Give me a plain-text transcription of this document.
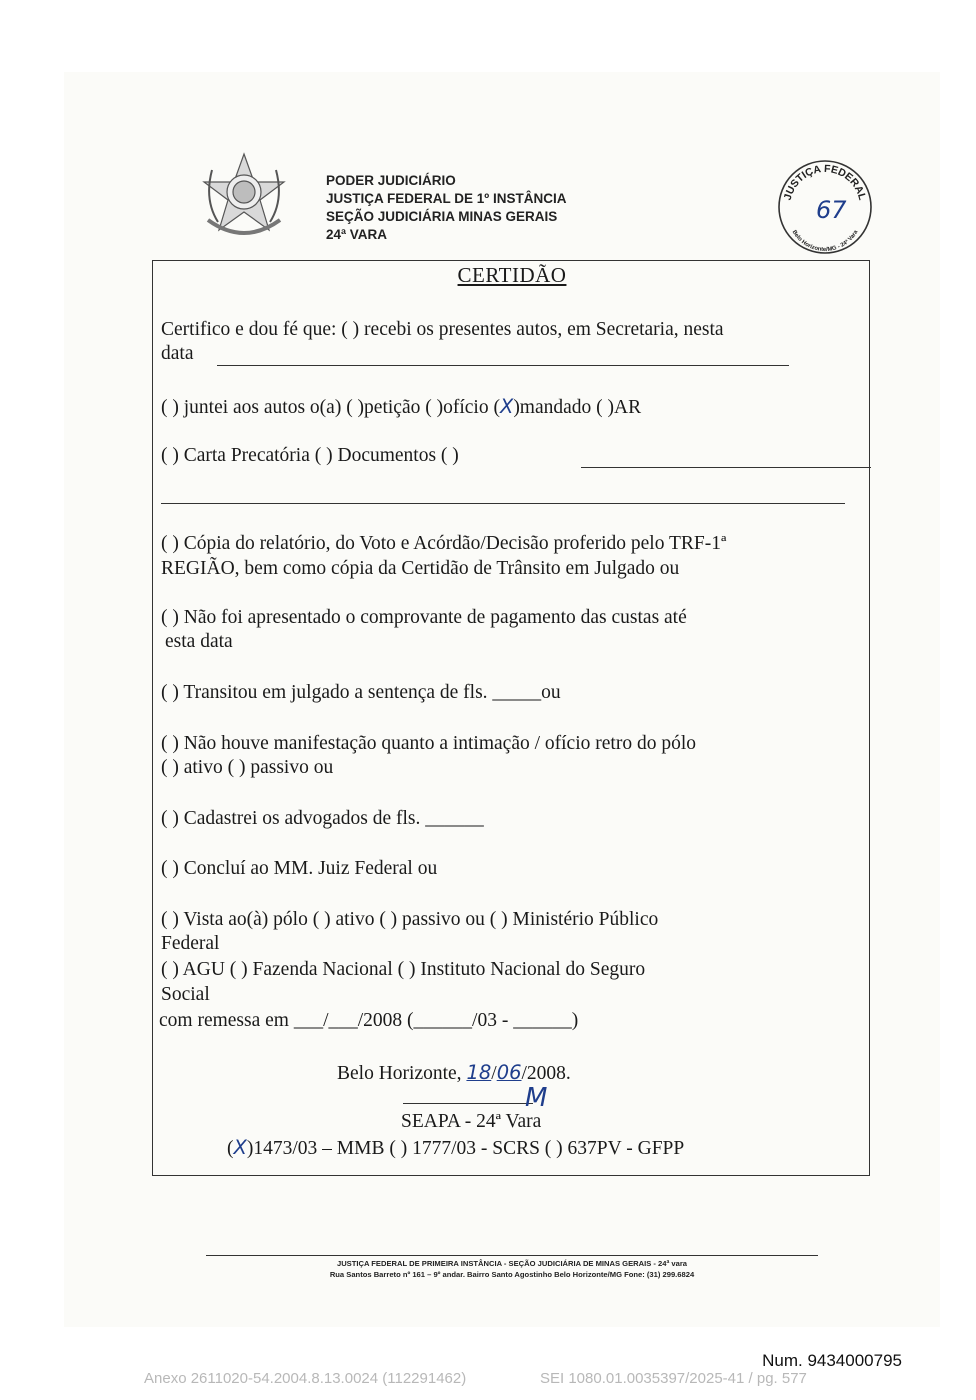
PODER JUDICIÁRIO
JUSTIÇA FEDERAL DE 1º INSTÂNCIA
SEÇÃO JUDICIÁRIA MINAS GERAIS
24ª VARA
JUSTIÇA FEDERAL
Belo Horizonte/MG - 24ª Vara
67
CERTIDÃO
Certifico e dou fé que: ( ) recebi os presentes autos, em Secretaria, nesta
data
( ) juntei aos autos o(a) ( )petição ( )ofício (X)mandado ( )AR
( ) Carta Precatória ( ) Documentos ( )
( ) Cópia do relatório, do Voto e Acórdão/Decisão proferido pelo TRF-1ª
REGIÃO, bem como cópia da Certidão de Trânsito em Julgado ou
( ) Não foi apresentado o comprovante de pagamento das custas até
esta data
( ) Transitou em julgado a sentença de fls. _____ou
( ) Não houve manifestação quanto a intimação / ofício retro do pólo
( ) ativo ( ) passivo ou
( ) Cadastrei os advogados de fls. ______
( ) Concluí ao MM. Juiz Federal ou
( ) Vista ao(à) pólo ( ) ativo ( ) passivo ou ( ) Ministério Público
Federal
( ) AGU ( ) Fazenda Nacional ( ) Instituto Nacional do Seguro
Social
com remessa em ___/___/2008 (______/03 - ______)
Belo Horizonte, 18/06/2008.
M
SEAPA - 24ª Vara
(X)1473/03 – MMB ( ) 1777/03 - SCRS ( ) 637PV - GFPP
JUSTIÇA FEDERAL DE PRIMEIRA INSTÂNCIA - SEÇÃO JUDICIÁRIA DE MINAS GERAIS - 24ª vara
Rua Santos Barreto nº 161 – 9º andar. Bairro Santo Agostinho Belo Horizonte/MG Fone: (31) 299.6824
Num. 9434000795
Anexo 2611020-54.2004.8.13.0024 (112291462)	SEI 1080.01.0035397/2025-41 / pg. 577
